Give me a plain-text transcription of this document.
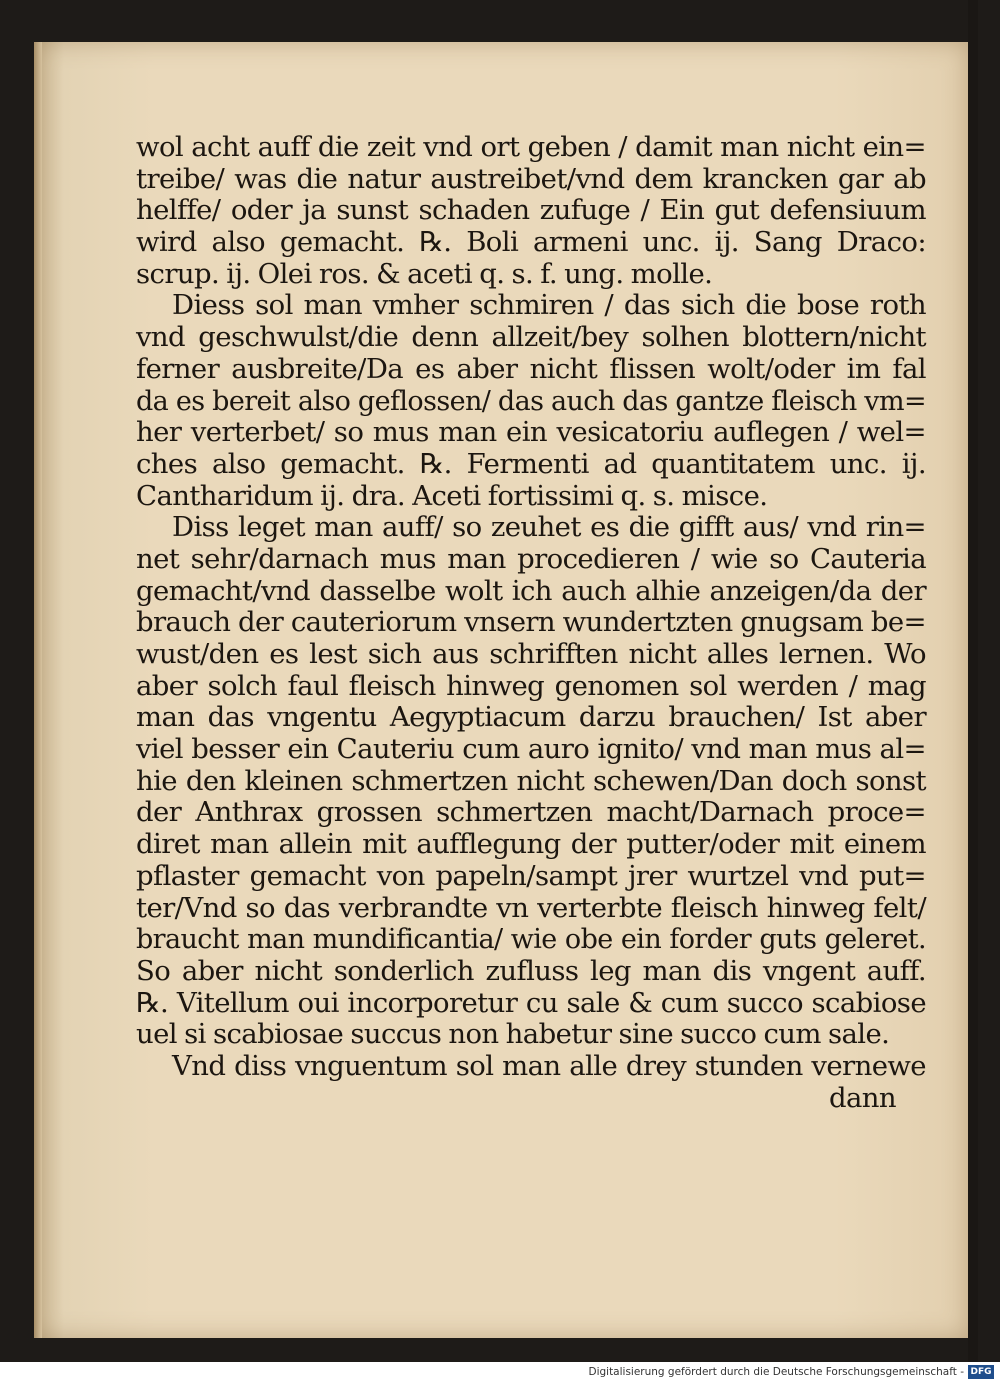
wol acht auff die zeit vnd ort geben / damit man nicht ein=
treibe/ was die natur austreibet/vnd dem krancken gar ab
helffe/ oder ja sunst schaden zufuge / Ein gut defensiuum
wird also gemacht. ℞. Boli armeni unc. ij. Sang Draco:
scrup. ij. Olei ros. & aceti q. s. f. ung. molle.
Diess sol man vmher schmiren / das sich die bose roth
vnd geschwulst/die denn allzeit/bey solhen blottern/nicht
ferner ausbreite/Da es aber nicht flissen wolt/oder im fal
da es bereit also geflossen/ das auch das gantze fleisch vm=
her verterbet/ so mus man ein vesicatoriu auflegen / wel=
ches also gemacht. ℞. Fermenti ad quantitatem unc. ij.
Cantharidum ij. dra. Aceti fortissimi q. s. misce.
Diss leget man auff/ so zeuhet es die gifft aus/ vnd rin=
net sehr/darnach mus man procedieren / wie so Cauteria
gemacht/vnd dasselbe wolt ich auch alhie anzeigen/da der
brauch der cauteriorum vnsern wundertzten gnugsam be=
wust/den es lest sich aus schrifften nicht alles lernen. Wo
aber solch faul fleisch hinweg genomen sol werden / mag
man das vngentu Aegyptiacum darzu brauchen/ Ist aber
viel besser ein Cauteriu cum auro ignito/ vnd man mus al=
hie den kleinen schmertzen nicht schewen/Dan doch sonst
der Anthrax grossen schmertzen macht/Darnach proce=
diret man allein mit aufflegung der putter/oder mit einem
pflaster gemacht von papeln/sampt jrer wurtzel vnd put=
ter/Vnd so das verbrandte vn verterbte fleisch hinweg felt/
braucht man mundificantia/ wie obe ein forder guts geleret.
So aber nicht sonderlich zufluss leg man dis vngent auff.
℞. Vitellum oui incorporetur cu sale & cum succo scabiose
uel si scabiosae succus non habetur sine succo cum sale.
Vnd diss vnguentum sol man alle drey stunden vernewe
dann
Digitalisierung gefördert durch die Deutsche Forschungsgemeinschaft - DFG
